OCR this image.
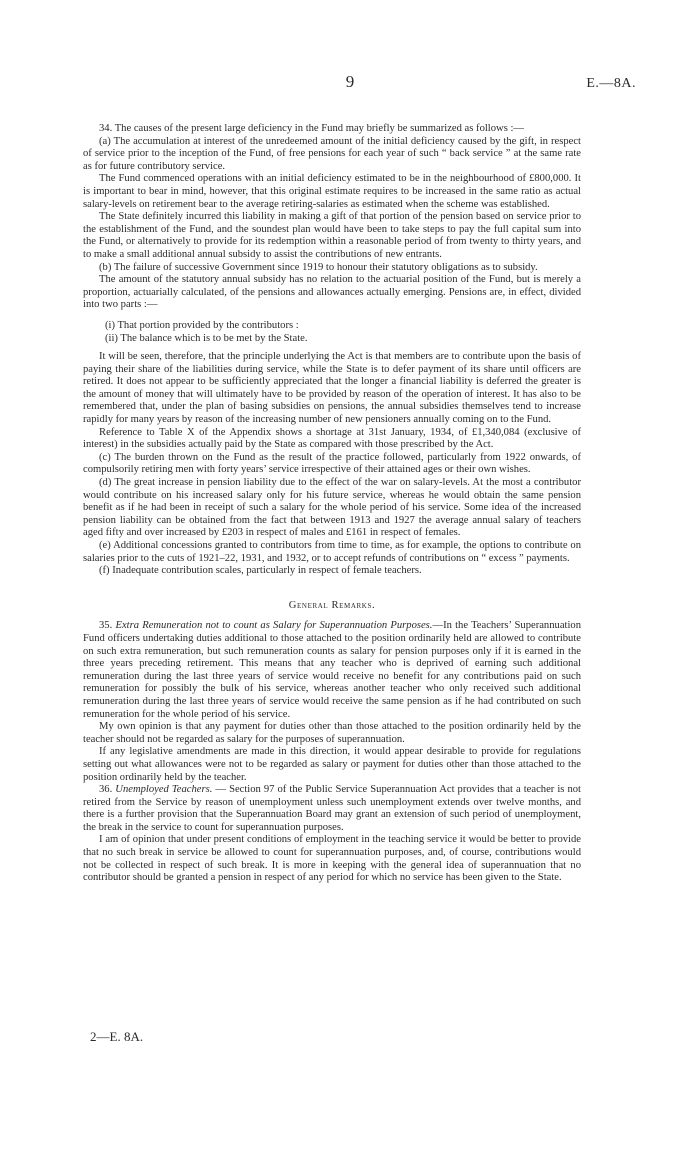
9	E.—8A.

34. The causes of the present large deficiency in the Fund may briefly be summarized as follows :—

(a) The accumulation at interest of the unredeemed amount of the initial deficiency caused by the gift, in respect of service prior to the inception of the Fund, of free pensions for each year of such “ back service ” at the same rate as for future contributory service.

The Fund commenced operations with an initial deficiency estimated to be in the neighbourhood of £800,000. It is important to bear in mind, however, that this original estimate requires to be increased in the same ratio as actual salary-levels on retirement bear to the average retiring-salaries as estimated when the scheme was established.

The State definitely incurred this liability in making a gift of that portion of the pension based on service prior to the establishment of the Fund, and the soundest plan would have been to take steps to pay the full capital sum into the Fund, or alternatively to provide for its redemption within a reasonable period of from twenty to thirty years, and to make a small additional annual subsidy to assist the contributions of new entrants.

(b) The failure of successive Government since 1919 to honour their statutory obligations as to subsidy.

The amount of the statutory annual subsidy has no relation to the actuarial position of the Fund, but is merely a proportion, actuarially calculated, of the pensions and allowances actually emerging. Pensions are, in effect, divided into two parts :—

(i) That portion provided by the contributors :

(ii) The balance which is to be met by the State.

It will be seen, therefore, that the principle underlying the Act is that members are to contribute upon the basis of paying their share of the liabilities during service, while the State is to defer payment of its share until officers are retired. It does not appear to be sufficiently appreciated that the longer a financial liability is deferred the greater is the amount of money that will ultimately have to be provided by reason of the operation of interest. It has also to be remembered that, under the plan of basing subsidies on pensions, the annual subsidies themselves tend to increase rapidly for many years by reason of the increasing number of new pensioners annually coming on to the Fund.

Reference to Table X of the Appendix shows a shortage at 31st January, 1934, of £1,340,084 (exclusive of interest) in the subsidies actually paid by the State as compared with those prescribed by the Act.

(c) The burden thrown on the Fund as the result of the practice followed, particularly from 1922 onwards, of compulsorily retiring men with forty years’ service irrespective of their attained ages or their own wishes.

(d) The great increase in pension liability due to the effect of the war on salary-levels. At the most a contributor would contribute on his increased salary only for his future service, whereas he would obtain the same pension benefit as if he had been in receipt of such a salary for the whole period of his service. Some idea of the increased pension liability can be obtained from the fact that between 1913 and 1927 the average annual salary of teachers aged fifty and over increased by £203 in respect of males and £161 in respect of females.

(e) Additional concessions granted to contributors from time to time, as for example, the options to contribute on salaries prior to the cuts of 1921–22, 1931, and 1932, or to accept refunds of contributions on “ excess ” payments.

(f) Inadequate contribution scales, particularly in respect of female teachers.

General Remarks.

35. Extra Remuneration not to count as Salary for Superannuation Purposes.—In the Teachers’ Superannuation Fund officers undertaking duties additional to those attached to the position ordinarily held are allowed to contribute on such extra remuneration, but such remuneration counts as salary for pension purposes only if it is earned in the three years preceding retirement. This means that any teacher who is deprived of earning such additional remuneration during the last three years of service would receive no benefit for any contributions paid on such remuneration for possibly the bulk of his service, whereas another teacher who only received such additional remuneration during the last three years of service would receive the same pension as if he had contributed on such remuneration for the whole period of his service.

My own opinion is that any payment for duties other than those attached to the position ordinarily held by the teacher should not be regarded as salary for the purposes of superannuation.

If any legislative amendments are made in this direction, it would appear desirable to provide for regulations setting out what allowances were not to be regarded as salary or payment for duties other than those attached to the position ordinarily held by the teacher.

36. Unemployed Teachers. — Section 97 of the Public Service Superannuation Act provides that a teacher is not retired from the Service by reason of unemployment unless such unemployment extends over twelve months, and there is a further provision that the Superannuation Board may grant an extension of such period of unemployment, the break in the service to count for superannuation purposes.

I am of opinion that under present conditions of employment in the teaching service it would be better to provide that no such break in service be allowed to count for superannuation purposes, and, of course, contributions would not be collected in respect of such break. It is more in keeping with the general idea of superannuation that no contributor should be granted a pension in respect of any period for which no service has been given to the State.

2—E. 8A.
